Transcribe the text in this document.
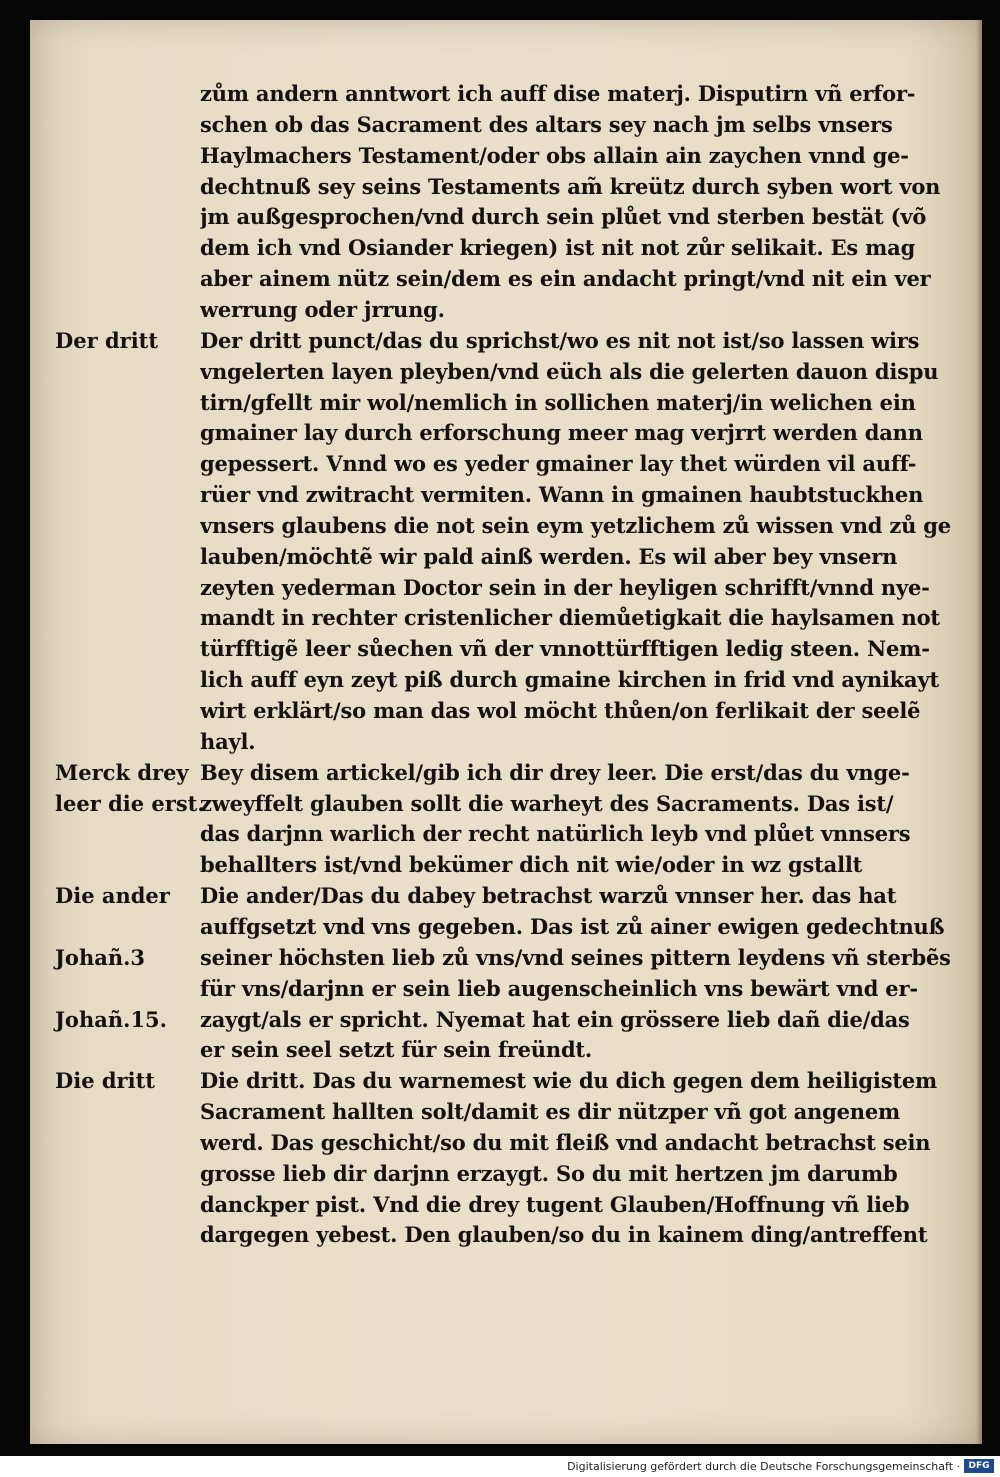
zům andern anntwort ich auff dise materj. Disputirn vñ erfor-
schen ob das Sacrament des altars sey nach jm selbs vnsers
Haylmachers Testament/oder obs allain ain zaychen vnnd ge-
dechtnuß sey seins Testaments am̃ kreütz durch syben wort von
jm außgesprochen/vnd durch sein plůet vnd sterben bestät (võ
dem ich vnd Osiander kriegen) ist nit not zůr selikait. Es mag
aber ainem nütz sein/dem es ein andacht pringt/vnd nit ein ver
werrung oder jrrung.
Der dritt punct/das du sprichst/wo es nit not ist/so lassen wirs
vngelerten layen pleyben/vnd eüch als die gelerten dauon dispu
tirn/gfellt mir wol/nemlich in sollichen materj/in welichen ein
gmainer lay durch erforschung meer mag verjrrt werden dann
gepessert. Vnnd wo es yeder gmainer lay thet würden vil auff-
rüer vnd zwitracht vermiten. Wann in gmainen haubtstuckhen
vnsers glaubens die not sein eym yetzlichem zů wissen vnd zů ge
lauben/möchtẽ wir pald ainß werden. Es wil aber bey vnsern
zeyten yederman Doctor sein in der heyligen schrifft/vnnd nye-
mandt in rechter cristenlicher diemůetigkait die haylsamen not
türfftigẽ leer sůechen vñ der vnnottürfftigen ledig steen. Nem-
lich auff eyn zeyt piß durch gmaine kirchen in frid vnd aynikayt
wirt erklärt/so man das wol möcht thůen/on ferlikait der seelẽ
hayl.
Bey disem artickel/gib ich dir drey leer. Die erst/das du vnge-
zweyffelt glauben sollt die warheyt des Sacraments. Das ist/
das darjnn warlich der recht natürlich leyb vnd plůet vnnsers
behallters ist/vnd bekümer dich nit wie/oder in wz gstallt
Die ander/Das du dabey betrachst warzů vnnser her. das hat
auffgsetzt vnd vns gegeben. Das ist zů ainer ewigen gedechtnuß
seiner höchsten lieb zů vns/vnd seines pittern leydens vñ sterbẽs
für vns/darjnn er sein lieb augenscheinlich vns bewärt vnd er-
zaygt/als er spricht. Nyemat hat ein grössere lieb dañ die/das
er sein seel setzt für sein freündt.
Die dritt. Das du warnemest wie du dich gegen dem heiligistem
Sacrament hallten solt/damit es dir nützper vñ got angenem
werd. Das geschicht/so du mit fleiß vnd andacht betrachst sein
grosse lieb dir darjnn erzaygt. So du mit hertzen jm darumb
danckper pist. Vnd die drey tugent Glauben/Hoffnung vñ lieb
dargegen yebest. Den glauben/so du in kainem ding/antreffent
Der dritt
Merck drey
leer die erst.
Die ander
Johañ.3
Johañ.15.
Die dritt
Digitalisierung gefördert durch die Deutsche Forschungsgemeinschaft · DFG
